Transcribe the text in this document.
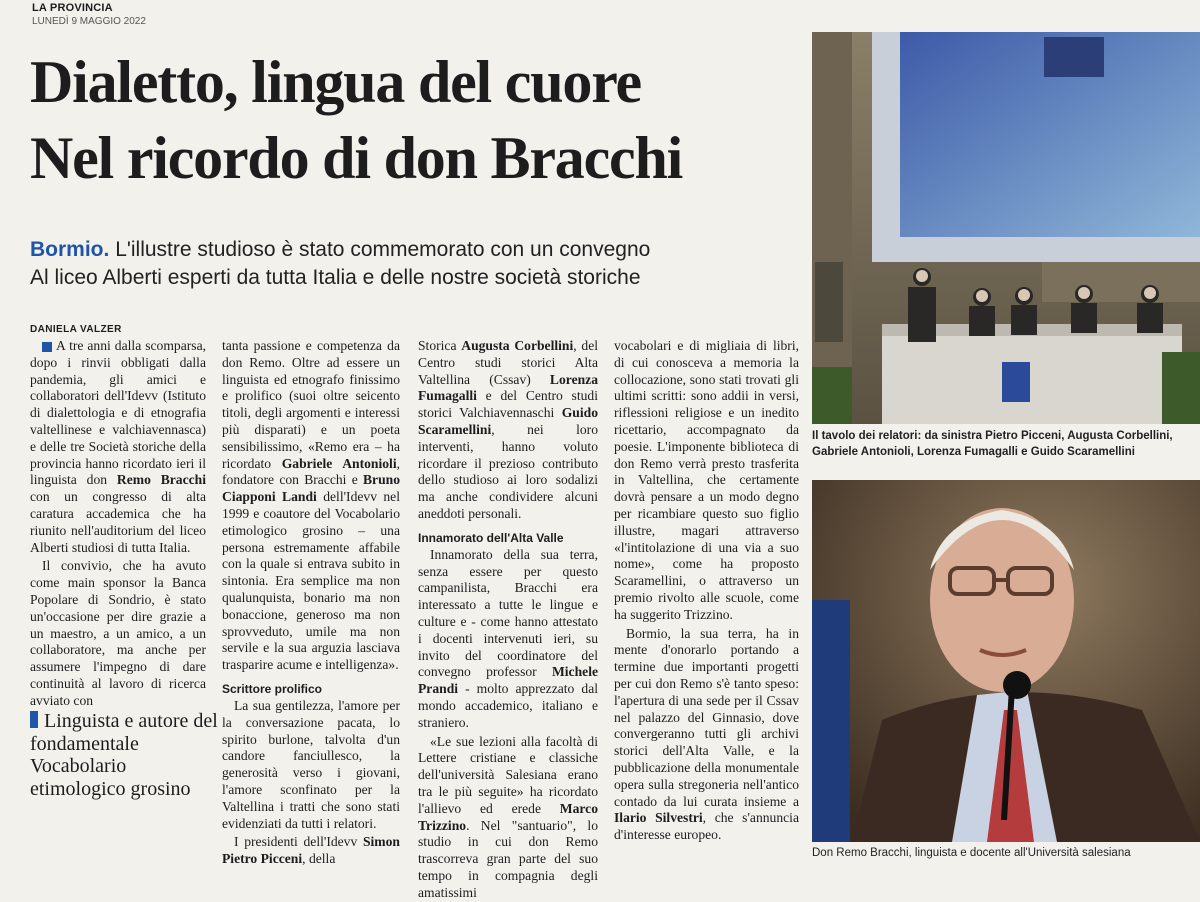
LA PROVINCIA
LUNEDÌ 9 MAGGIO 2022
Dialetto, lingua del cuore
Nel ricordo di don Bracchi
Bormio. L'illustre studioso è stato commemorato con un convegno
Al liceo Alberti esperti da tutta Italia e delle nostre società storiche
DANIELA VALZER

A tre anni dalla scomparsa, dopo i rinvii obbligati dalla pandemia, gli amici e collaboratori dell'Idevv (Istituto di dialettologia e di etnografia valtellinese e valchiavennasca) e delle tre Società storiche della provincia hanno ricordato ieri il linguista don Remo Bracchi con un congresso di alta caratura accademica che ha riunito nell'auditorium del liceo Alberti studiosi di tutta Italia.

Il convivio, che ha avuto come main sponsor la Banca Popolare di Sondrio, è stato un'occasione per dire grazie a un maestro, a un amico, a un collaboratore, ma anche per assumere l'impegno di dare continuità al lavoro di ricerca avviato con

tanta passione e competenza da don Remo. Oltre ad essere un linguista ed etnografo finissimo e prolifico (suoi oltre seicento titoli, degli argomenti e interessi più disparati) e un poeta sensibilissimo, «Remo era – ha ricordato Gabriele Antonioli, fondatore con Bracchi e Bruno Ciapponi Landi dell'Idevv nel 1999 e coautore del Vocabolario etimologico grosino – una persona estremamente affabile con la quale si entrava subito in sintonia. Era semplice ma non qualunquista, bonario ma non bonaccione, generoso ma non sprovveduto, umile ma non servile e la sua arguzia lasciava trasparire acume e intelligenza».

Scrittore prolifico

La sua gentilezza, l'amore per la conversazione pacata, lo spirito burlone, talvolta d'un candore fanciullesco, la generosità verso i giovani, l'amore sconfinato per la Valtellina i tratti che sono stati evidenziati da tutti i relatori.

I presidenti dell'Idevv Simon Pietro Picceni, della

Storica Augusta Corbellini, del Centro studi storici Alta Valtellina (Cssav) Lorenza Fumagalli e del Centro studi storici Valchiavennaschi Guido Scaramellini, nei loro interventi, hanno voluto ricordare il prezioso contributo dello studioso ai loro sodalizi ma anche condividere alcuni aneddoti personali.

Innamorato dell'Alta Valle

Innamorato della sua terra, senza essere per questo campanilista, Bracchi era interessato a tutte le lingue e culture e - come hanno attestato i docenti intervenuti ieri, su invito del coordinatore del convegno professor Michele Prandi - molto apprezzato dal mondo accademico, italiano e straniero.

«Le sue lezioni alla facoltà di Lettere cristiane e classiche dell'università Salesiana erano tra le più seguite» ha ricordato l'allievo ed erede Marco Trizzino. Nel "santuario", lo studio in cui don Remo trascorreva gran parte del suo tempo in compagnia degli amatissimi

vocabolari e di migliaia di libri, di cui conosceva a memoria la collocazione, sono stati trovati gli ultimi scritti: sono addii in versi, riflessioni religiose e un inedito ricettario, accompagnato da poesie. L'imponente biblioteca di don Remo verrà presto trasferita in Valtellina, che certamente dovrà pensare a un modo degno per ricambiare questo suo figlio illustre, magari attraverso «l'intitolazione di una via a suo nome», come ha proposto Scaramellini, o attraverso un premio rivolto alle scuole, come ha suggerito Trizzino.

Bormio, la sua terra, ha in mente d'onorarlo portando a termine due importanti progetti per cui don Remo s'è tanto speso: l'apertura di una sede per il Cssav nel palazzo del Ginnasio, dove convergeranno tutti gli archivi storici dell'Alta Valle, e la pubblicazione della monumentale opera sulla stregoneria nell'antico contado da lui curata insieme a Ilario Silvestri, che s'annuncia d'interesse europeo.

Linguista e autore del fondamentale Vocabolario etimologico grosino
Il tavolo dei relatori: da sinistra Pietro Picceni, Augusta Corbellini, Gabriele Antonioli, Lorenza Fumagalli e Guido Scaramellini
Don Remo Bracchi, linguista e docente all'Università salesiana
